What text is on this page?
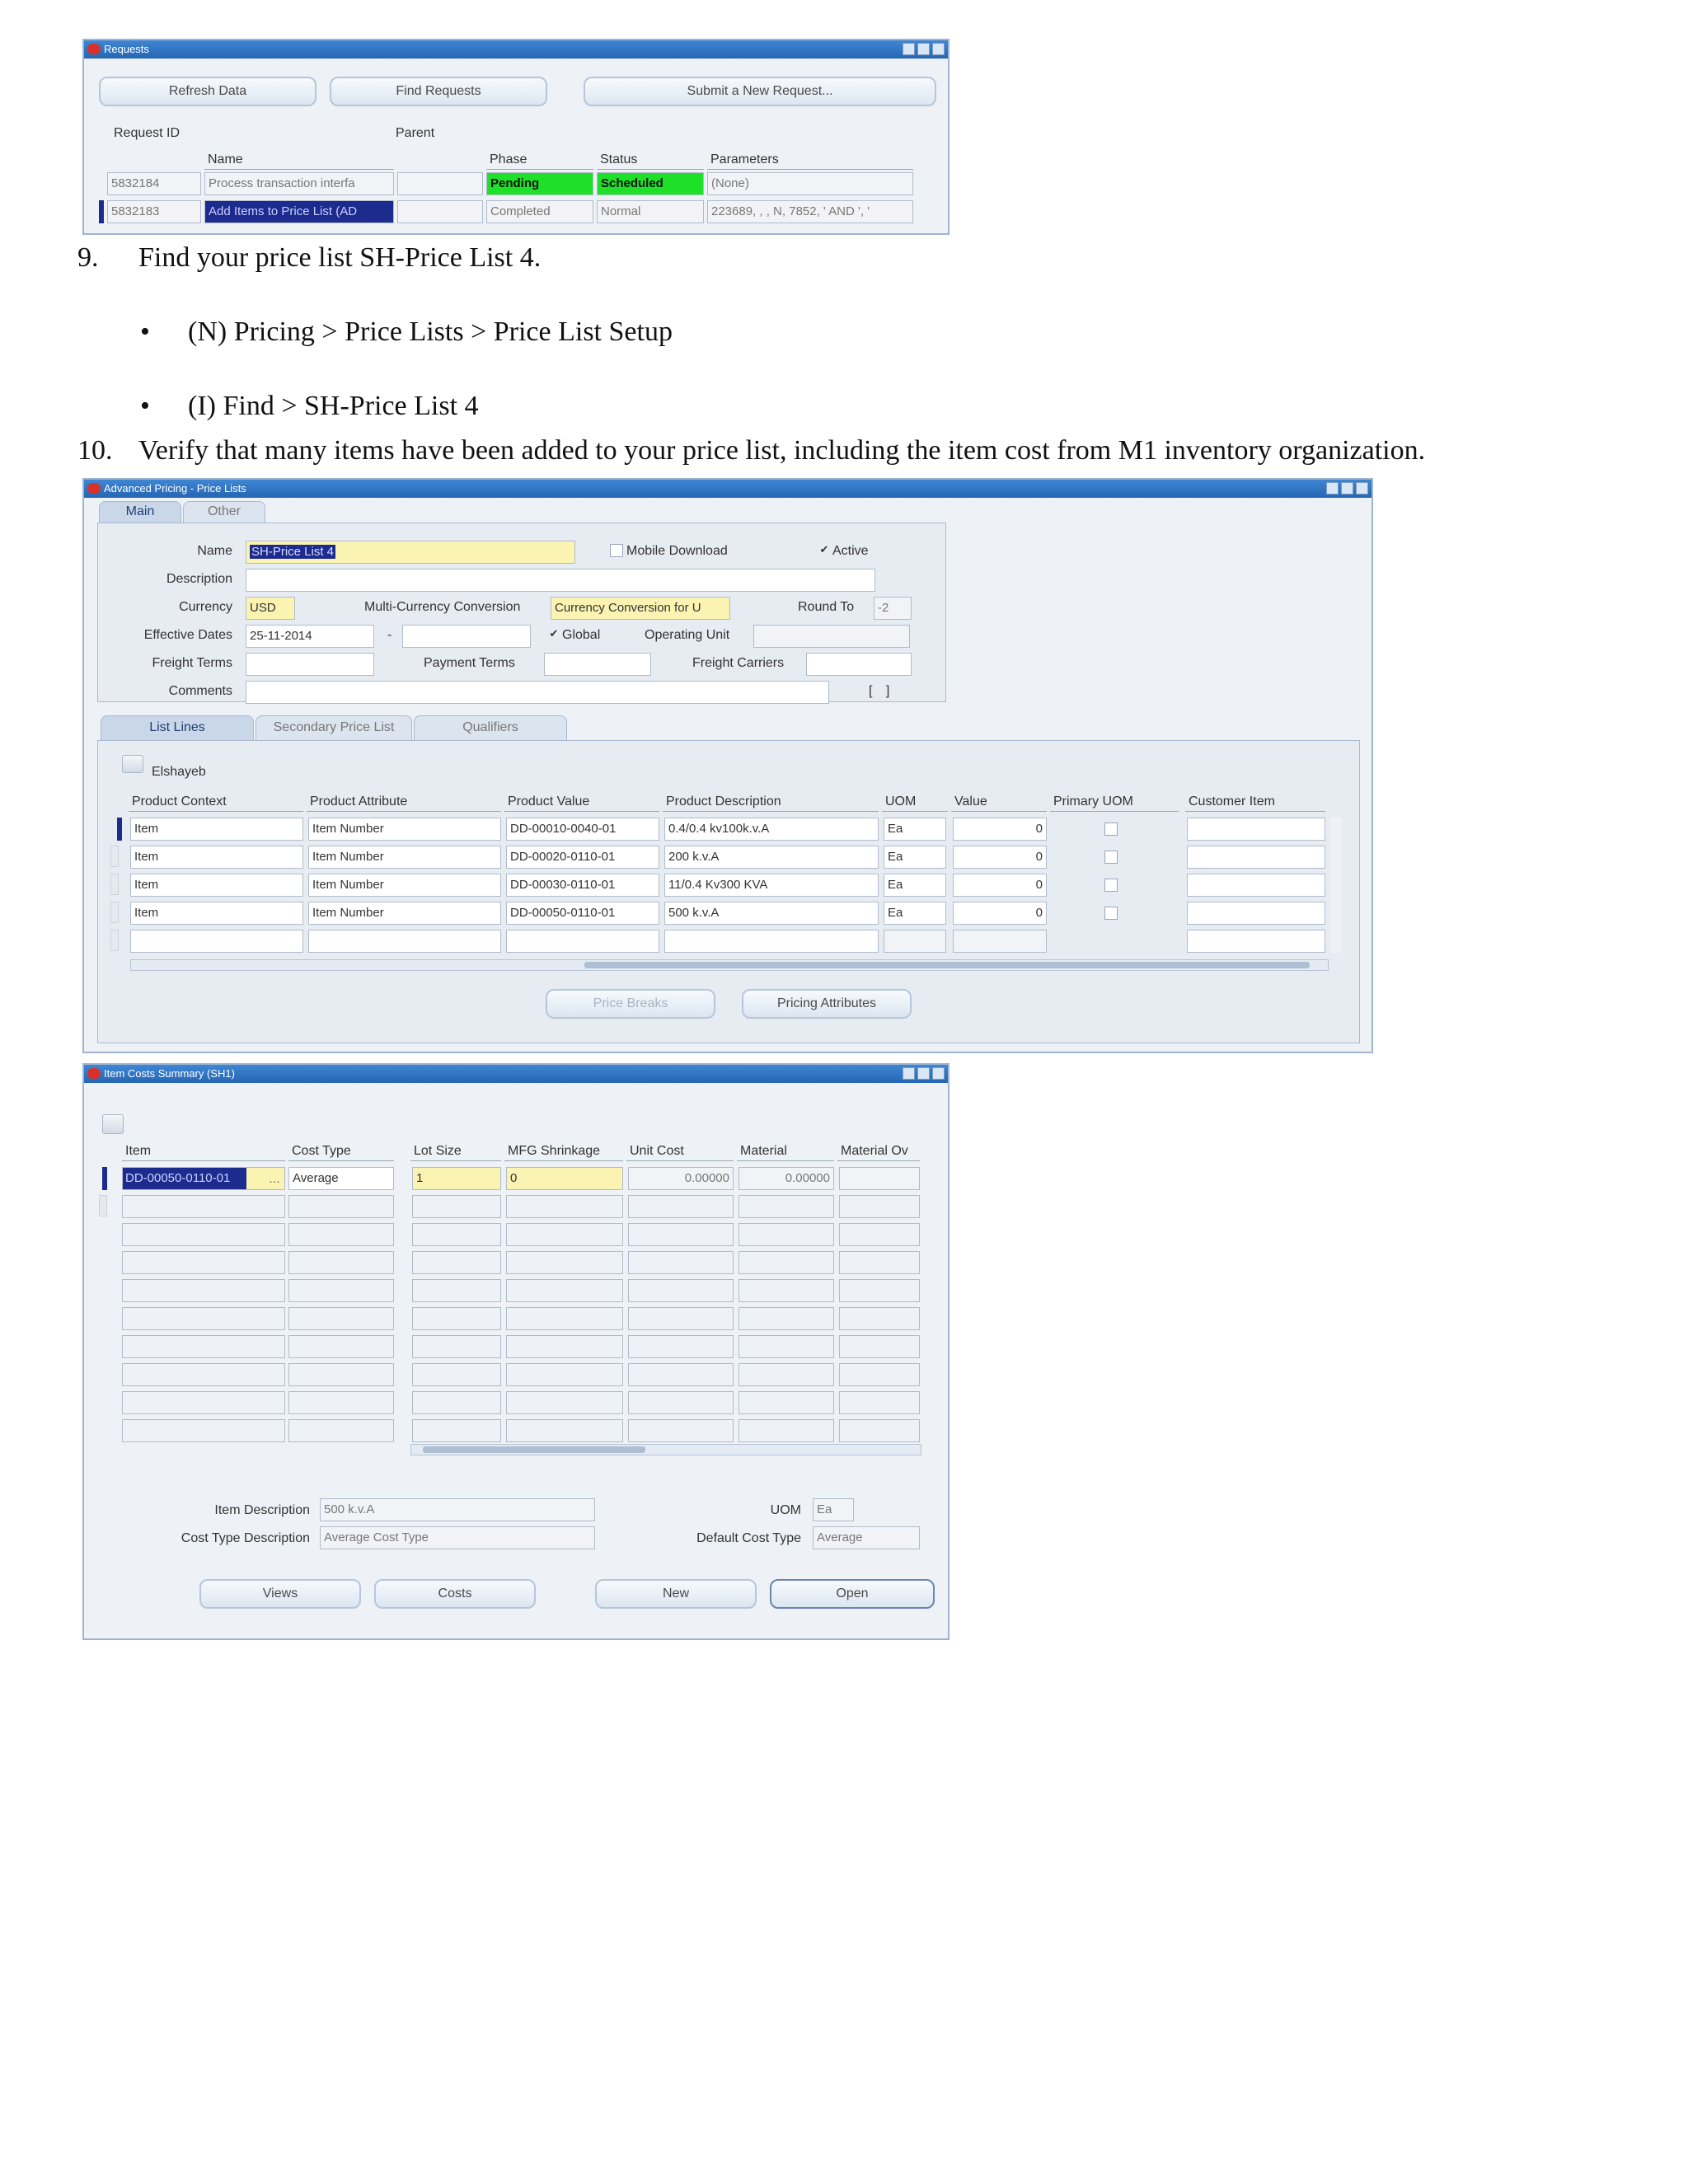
Requests
Refresh Data	Find Requests	Submit a New Request...
Request ID	Parent
Name	Phase	Status	Parameters
5832184	Process transaction interfa	Pending	Scheduled	(None)
5832183	Add Items to Price List (AD	Completed	Normal	223689, , , N, 7852, ' AND ', '
9. Find your price list SH-Price List 4.
• (N) Pricing > Price Lists > Price List Setup
• (I) Find > SH-Price List 4
10. Verify that many items have been added to your price list, including the item cost from M1 inventory organization.
Advanced Pricing - Price Lists
Main	Other
Name	SH-Price List 4	Mobile Download	✔ Active
Description
Currency	USD	Multi-Currency Conversion	Currency Conversion for U	Round To	-2
Effective Dates	25-11-2014	-	✔ Global	Operating Unit
Freight Terms	Payment Terms	Freight Carriers
Comments	[ ]
List Lines	Secondary Price List	Qualifiers
Elshayeb
Product Context	Product Attribute	Product Value	Product Description	UOM	Value	Primary UOM	Customer Item
Item	Item Number	DD-00010-0040-01	0.4/0.4 kv100k.v.A	Ea	0
Item	Item Number	DD-00020-0110-01	200 k.v.A	Ea	0
Item	Item Number	DD-00030-0110-01	11/0.4 Kv300 KVA	Ea	0
Item	Item Number	DD-00050-0110-01	500 k.v.A	Ea	0
Price Breaks	Pricing Attributes
Item Costs Summary (SH1)
Item	Cost Type	Lot Size	MFG Shrinkage	Unit Cost	Material	Material Ov
DD-00050-0110-01	…	Average	1	0	0.00000	0.00000
Item Description	500 k.v.A
Cost Type Description	Average Cost Type
UOM	Ea
Default Cost Type	Average
Views	Costs	New	Open
